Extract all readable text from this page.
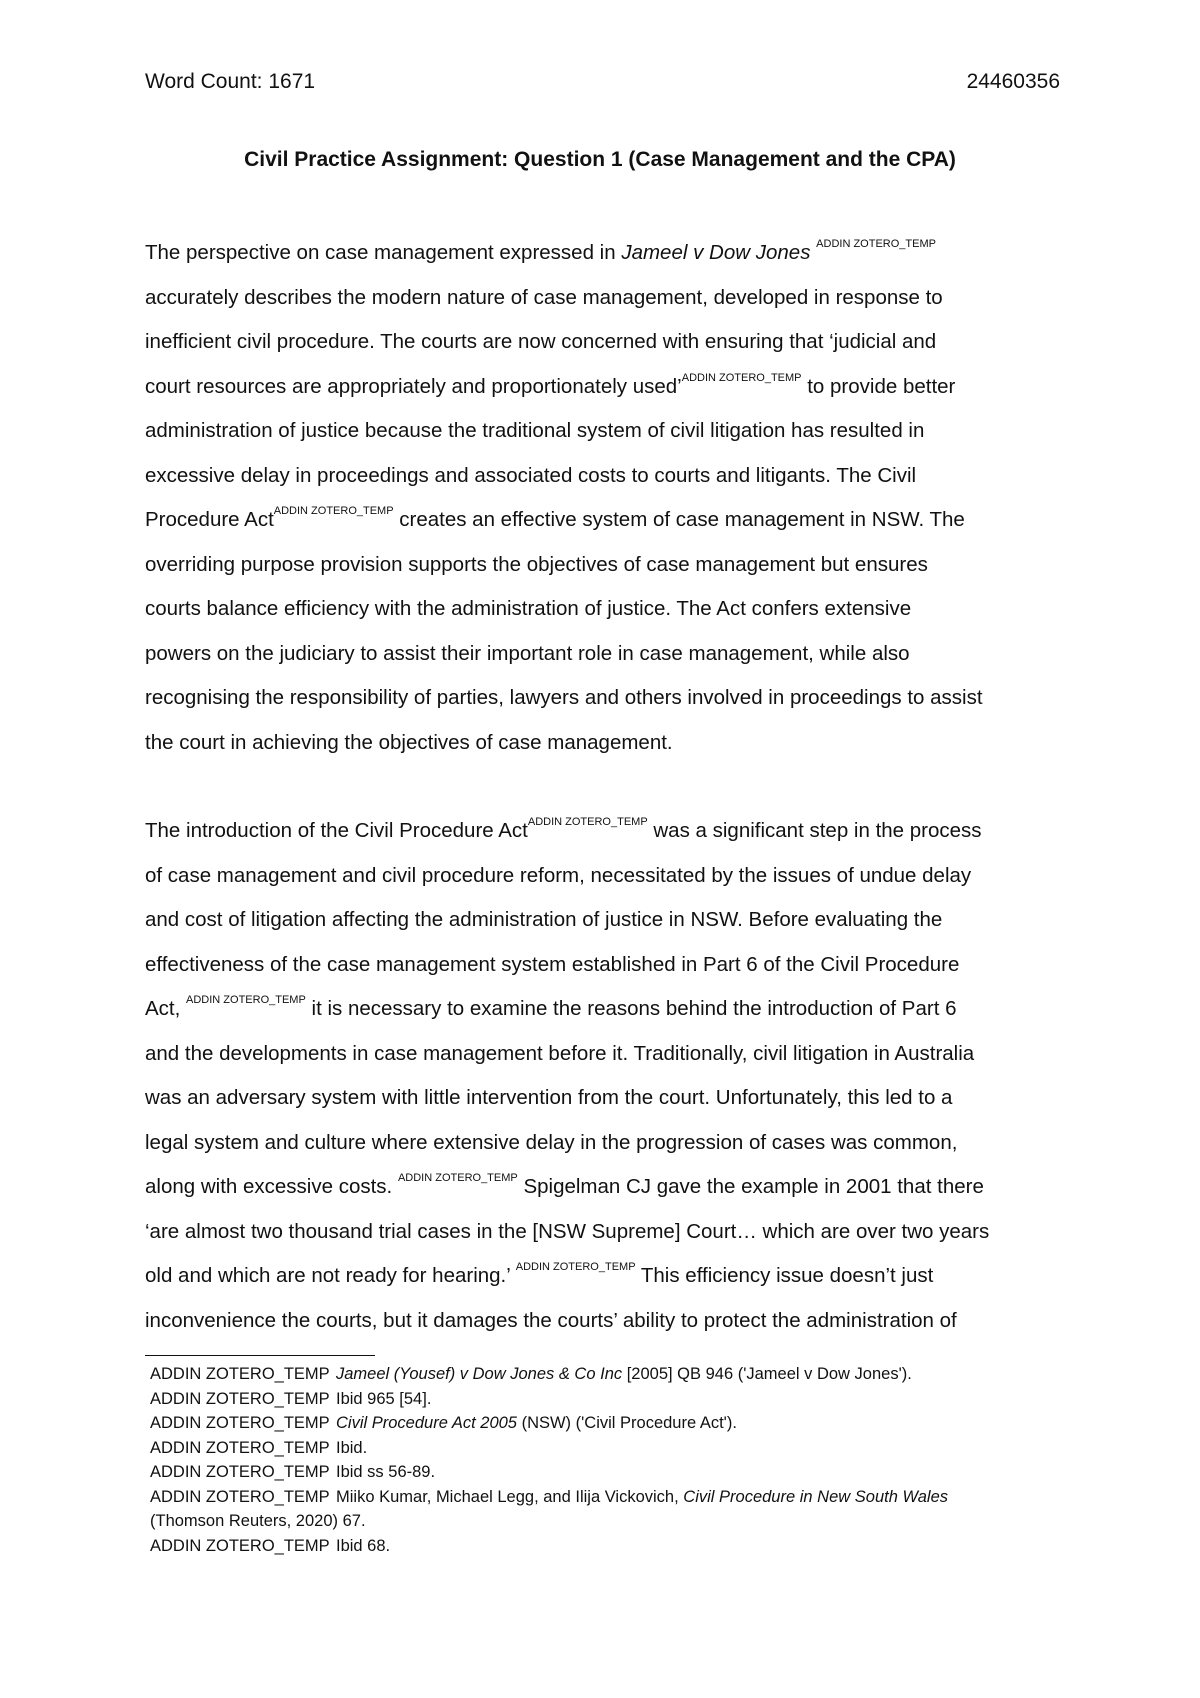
Word Count: 1671	24460356
Civil Practice Assignment: Question 1 (Case Management and the CPA)
The perspective on case management expressed in Jameel v Dow Jones $^{ADDIN ZOTERO\_TEMP}$
accurately describes the modern nature of case management, developed in response to
inefficient civil procedure. The courts are now concerned with ensuring that ‘judicial and
court resources are appropriately and proportionately used’$^{ADDIN ZOTERO\_TEMP}$ to provide better
administration of justice because the traditional system of civil litigation has resulted in
excessive delay in proceedings and associated costs to courts and litigants. The Civil
Procedure Act$^{ADDIN ZOTERO\_TEMP}$ creates an effective system of case management in NSW. The
overriding purpose provision supports the objectives of case management but ensures
courts balance efficiency with the administration of justice. The Act confers extensive
powers on the judiciary to assist their important role in case management, while also
recognising the responsibility of parties, lawyers and others involved in proceedings to assist
the court in achieving the objectives of case management.
The introduction of the Civil Procedure Act$^{ADDIN ZOTERO\_TEMP}$ was a significant step in the process
of case management and civil procedure reform, necessitated by the issues of undue delay
and cost of litigation affecting the administration of justice in NSW. Before evaluating the
effectiveness of the case management system established in Part 6 of the Civil Procedure
Act, $^{ADDIN ZOTERO\_TEMP}$ it is necessary to examine the reasons behind the introduction of Part 6
and the developments in case management before it. Traditionally, civil litigation in Australia
was an adversary system with little intervention from the court. Unfortunately, this led to a
legal system and culture where extensive delay in the progression of cases was common,
along with excessive costs. $^{ADDIN ZOTERO\_TEMP}$ Spigelman CJ gave the example in 2001 that there
‘are almost two thousand trial cases in the [NSW Supreme] Court… which are over two years
old and which are not ready for hearing.’ $^{ADDIN ZOTERO\_TEMP}$ This efficiency issue doesn’t just
inconvenience the courts, but it damages the courts’ ability to protect the administration of
ADDIN ZOTERO_TEMP Jameel (Yousef) v Dow Jones & Co Inc [2005] QB 946 ('Jameel v Dow Jones').
ADDIN ZOTERO_TEMP Ibid 965 [54].
ADDIN ZOTERO_TEMP Civil Procedure Act 2005 (NSW) ('Civil Procedure Act').
ADDIN ZOTERO_TEMP Ibid.
ADDIN ZOTERO_TEMP Ibid ss 56-89.
ADDIN ZOTERO_TEMP Miiko Kumar, Michael Legg, and Ilija Vickovich, Civil Procedure in New South Wales
(Thomson Reuters, 2020) 67.
ADDIN ZOTERO_TEMP Ibid 68.
